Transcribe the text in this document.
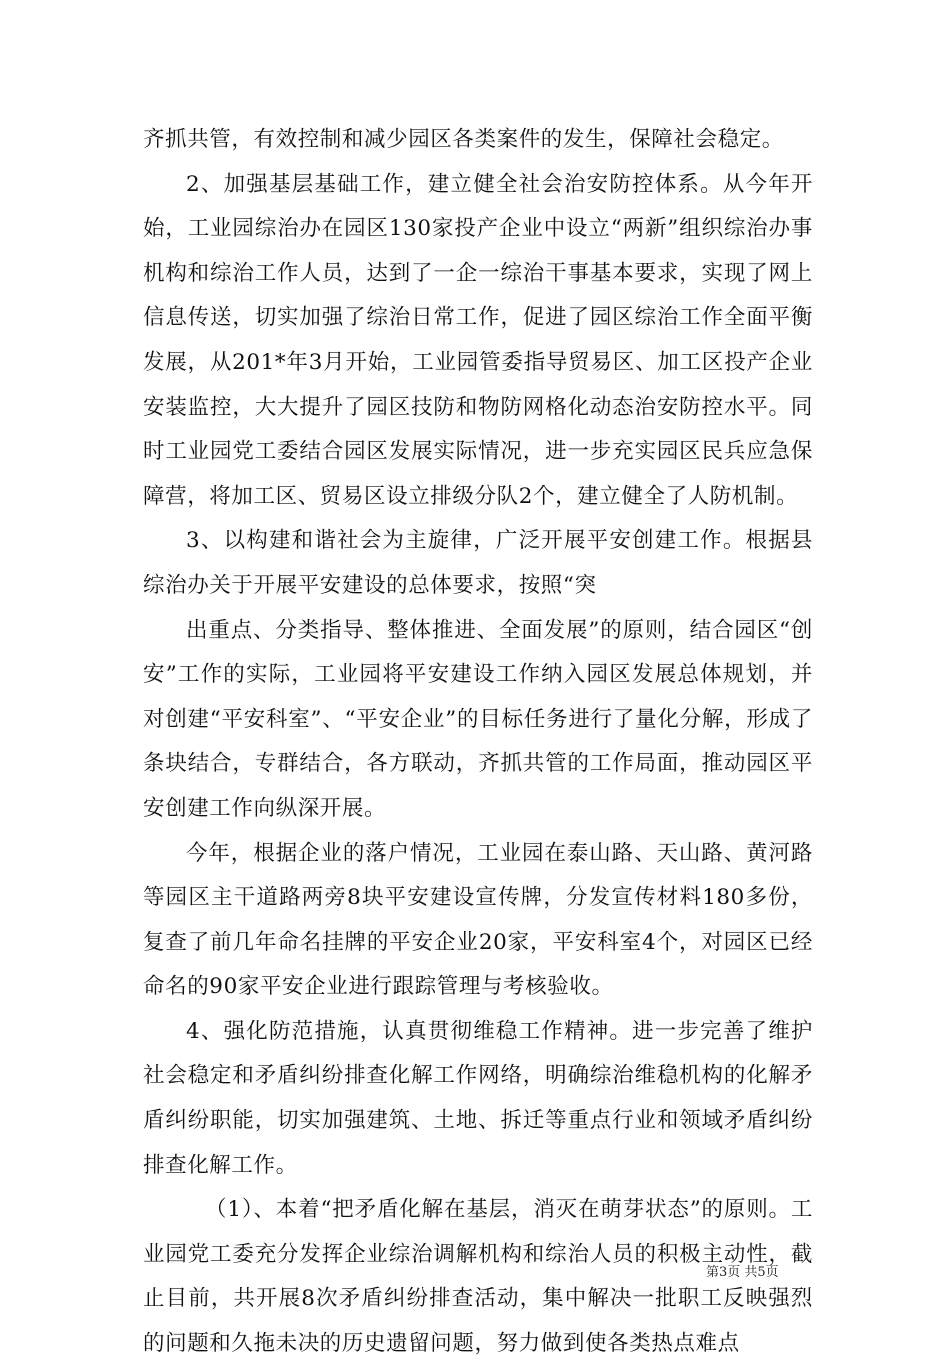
齐抓共管，有效控制和减少园区各类案件的发生，保障社会稳定。

2、加强基层基础工作，建立健全社会治安防控体系。从今年开始，工业园综治办在园区130家投产企业中设立“两新”组织综治办事机构和综治工作人员，达到了一企一综治干事基本要求，实现了网上信息传送，切实加强了综治日常工作，促进了园区综治工作全面平衡发展，从201*年3月开始，工业园管委指导贸易区、加工区投产企业安装监控，大大提升了园区技防和物防网格化动态治安防控水平。同时工业园党工委结合园区发展实际情况，进一步充实园区民兵应急保障营，将加工区、贸易区设立排级分队2个，建立健全了人防机制。

3、以构建和谐社会为主旋律，广泛开展平安创建工作。根据县综治办关于开展平安建设的总体要求，按照“突

出重点、分类指导、整体推进、全面发展”的原则，结合园区“创安”工作的实际，工业园将平安建设工作纳入园区发展总体规划，并对创建“平安科室”、“平安企业”的目标任务进行了量化分解，形成了条块结合，专群结合，各方联动，齐抓共管的工作局面，推动园区平安创建工作向纵深开展。

今年，根据企业的落户情况，工业园在泰山路、天山路、黄河路等园区主干道路两旁8块平安建设宣传牌，分发宣传材料180多份，复查了前几年命名挂牌的平安企业20家，平安科室4个，对园区已经命名的90家平安企业进行跟踪管理与考核验收。

4、强化防范措施，认真贯彻维稳工作精神。进一步完善了维护社会稳定和矛盾纠纷排查化解工作网络，明确综治维稳机构的化解矛盾纠纷职能，切实加强建筑、土地、拆迁等重点行业和领域矛盾纠纷排查化解工作。

（1）、本着“把矛盾化解在基层，消灭在萌芽状态”的原则。工业园党工委充分发挥企业综治调解机构和综治人员的积极主动性，截止目前，共开展8次矛盾纠纷排查活动，集中解决一批职工反映强烈的问题和久拖未决的历史遗留问题，努力做到使各类热点难点

第3页 共5页
